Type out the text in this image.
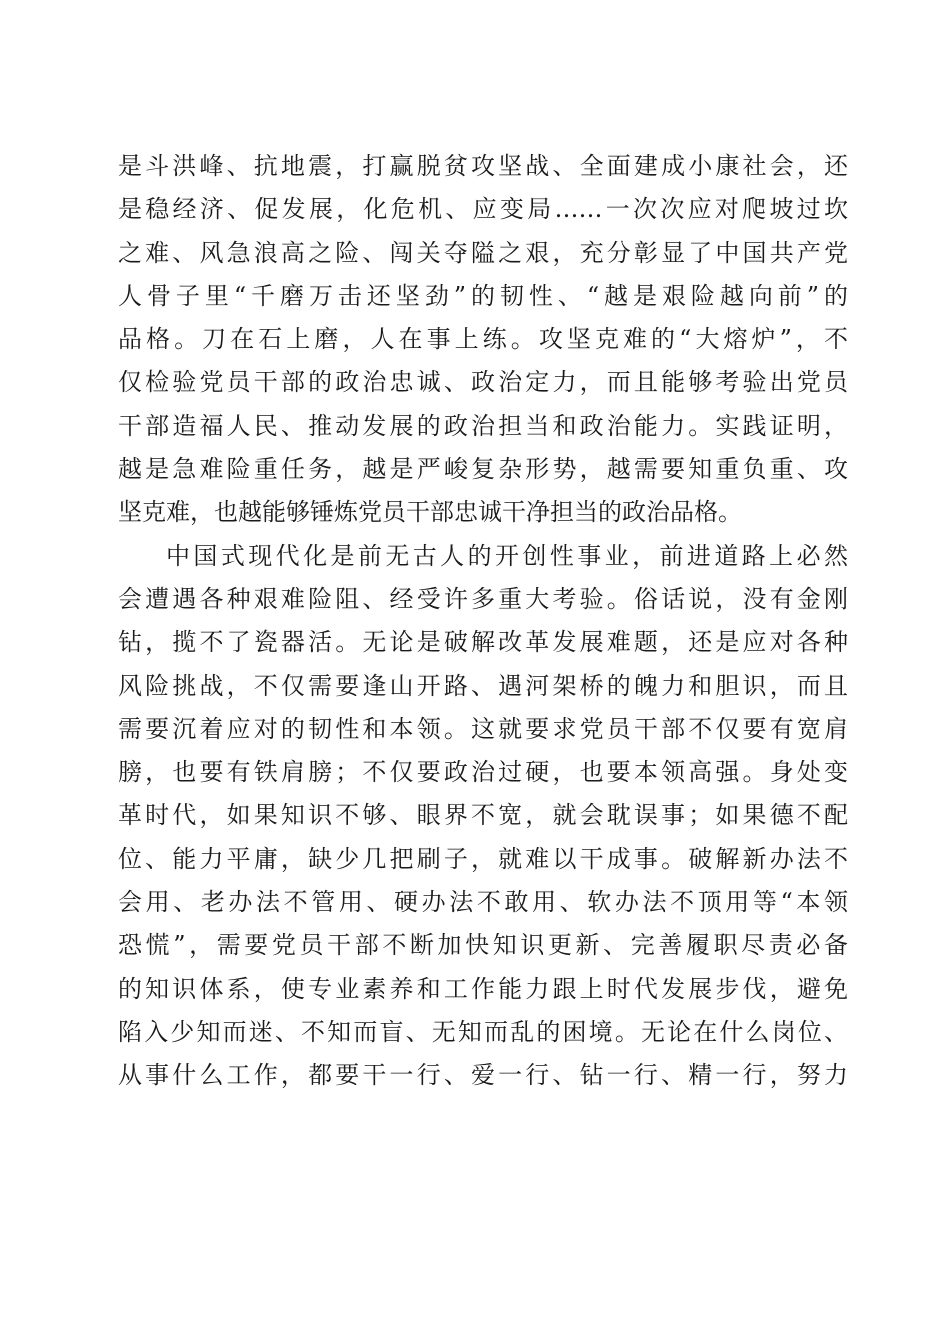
是斗洪峰、抗地震，打赢脱贫攻坚战、全面建成小康社会，还
是稳经济、促发展，化危机、应变局……一次次应对爬坡过坎
之难、风急浪高之险、闯关夺隘之艰，充分彰显了中国共产党
人骨子里“千磨万击还坚劲”的韧性、“越是艰险越向前”的
品格。刀在石上磨，人在事上练。攻坚克难的“大熔炉”，不
仅检验党员干部的政治忠诚、政治定力，而且能够考验出党员
干部造福人民、推动发展的政治担当和政治能力。实践证明，
越是急难险重任务，越是严峻复杂形势，越需要知重负重、攻
坚克难，也越能够锤炼党员干部忠诚干净担当的政治品格。
中国式现代化是前无古人的开创性事业，前进道路上必然
会遭遇各种艰难险阻、经受许多重大考验。俗话说，没有金刚
钻，揽不了瓷器活。无论是破解改革发展难题，还是应对各种
风险挑战，不仅需要逢山开路、遇河架桥的魄力和胆识，而且
需要沉着应对的韧性和本领。这就要求党员干部不仅要有宽肩
膀，也要有铁肩膀；不仅要政治过硬，也要本领高强。身处变
革时代，如果知识不够、眼界不宽，就会耽误事；如果德不配
位、能力平庸，缺少几把刷子，就难以干成事。破解新办法不
会用、老办法不管用、硬办法不敢用、软办法不顶用等“本领
恐慌”，需要党员干部不断加快知识更新、完善履职尽责必备
的知识体系，使专业素养和工作能力跟上时代发展步伐，避免
陷入少知而迷、不知而盲、无知而乱的困境。无论在什么岗位、
从事什么工作，都要干一行、爱一行、钻一行、精一行，努力
